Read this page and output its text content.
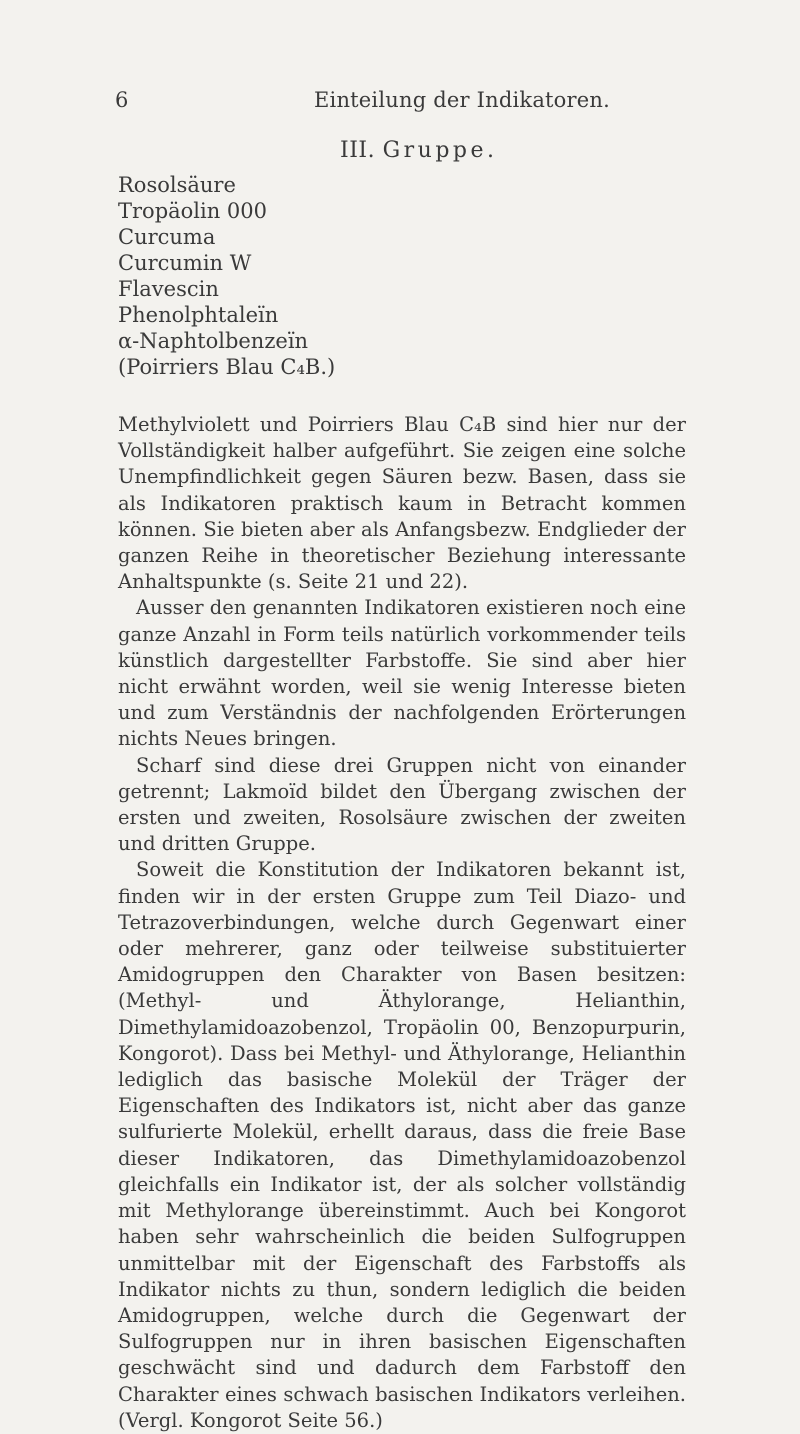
6	Einteilung der Indikatoren.
III. Gruppe.
Rosolsäure
Tropäolin 000
Curcuma
Curcumin W
Flavescin
Phenolphtaleïn
α-Naphtolbenzeïn
(Poirriers Blau C₄B.)

Methylviolett und Poirriers Blau C₄B sind hier nur der Vollständigkeit halber aufgeführt. Sie zeigen eine solche Unempfindlichkeit gegen Säuren bezw. Basen, dass sie als Indikatoren praktisch kaum in Betracht kommen können. Sie bieten aber als Anfangsbezw. Endglieder der ganzen Reihe in theoretischer Beziehung interessante Anhaltspunkte (s. Seite 21 und 22).

Ausser den genannten Indikatoren existieren noch eine ganze Anzahl in Form teils natürlich vorkommender teils künstlich dargestellter Farbstoffe. Sie sind aber hier nicht erwähnt worden, weil sie wenig Interesse bieten und zum Verständnis der nachfolgenden Erörterungen nichts Neues bringen.

Scharf sind diese drei Gruppen nicht von einander getrennt; Lakmoïd bildet den Übergang zwischen der ersten und zweiten, Rosolsäure zwischen der zweiten und dritten Gruppe.

Soweit die Konstitution der Indikatoren bekannt ist, finden wir in der ersten Gruppe zum Teil Diazo- und Tetrazoverbindungen, welche durch Gegenwart einer oder mehrerer, ganz oder teilweise substituierter Amidogruppen den Charakter von Basen besitzen: (Methyl- und Äthylorange, Helianthin, Dimethylamidoazobenzol, Tropäolin 00, Benzopurpurin, Kongorot). Dass bei Methyl- und Äthylorange, Helianthin lediglich das basische Molekül der Träger der Eigenschaften des Indikators ist, nicht aber das ganze sulfurierte Molekül, erhellt daraus, dass die freie Base dieser Indikatoren, das Dimethylamidoazobenzol gleichfalls ein Indikator ist, der als solcher vollständig mit Methylorange übereinstimmt. Auch bei Kongorot haben sehr wahrscheinlich die beiden Sulfogruppen unmittelbar mit der Eigenschaft des Farbstoffs als Indikator nichts zu thun, sondern lediglich die beiden Amidogruppen, welche durch die Gegenwart der Sulfogruppen nur in ihren basischen Eigenschaften geschwächt sind und dadurch dem Farbstoff den Charakter eines schwach basischen Indikators verleihen. (Vergl. Kongorot Seite 56.)
